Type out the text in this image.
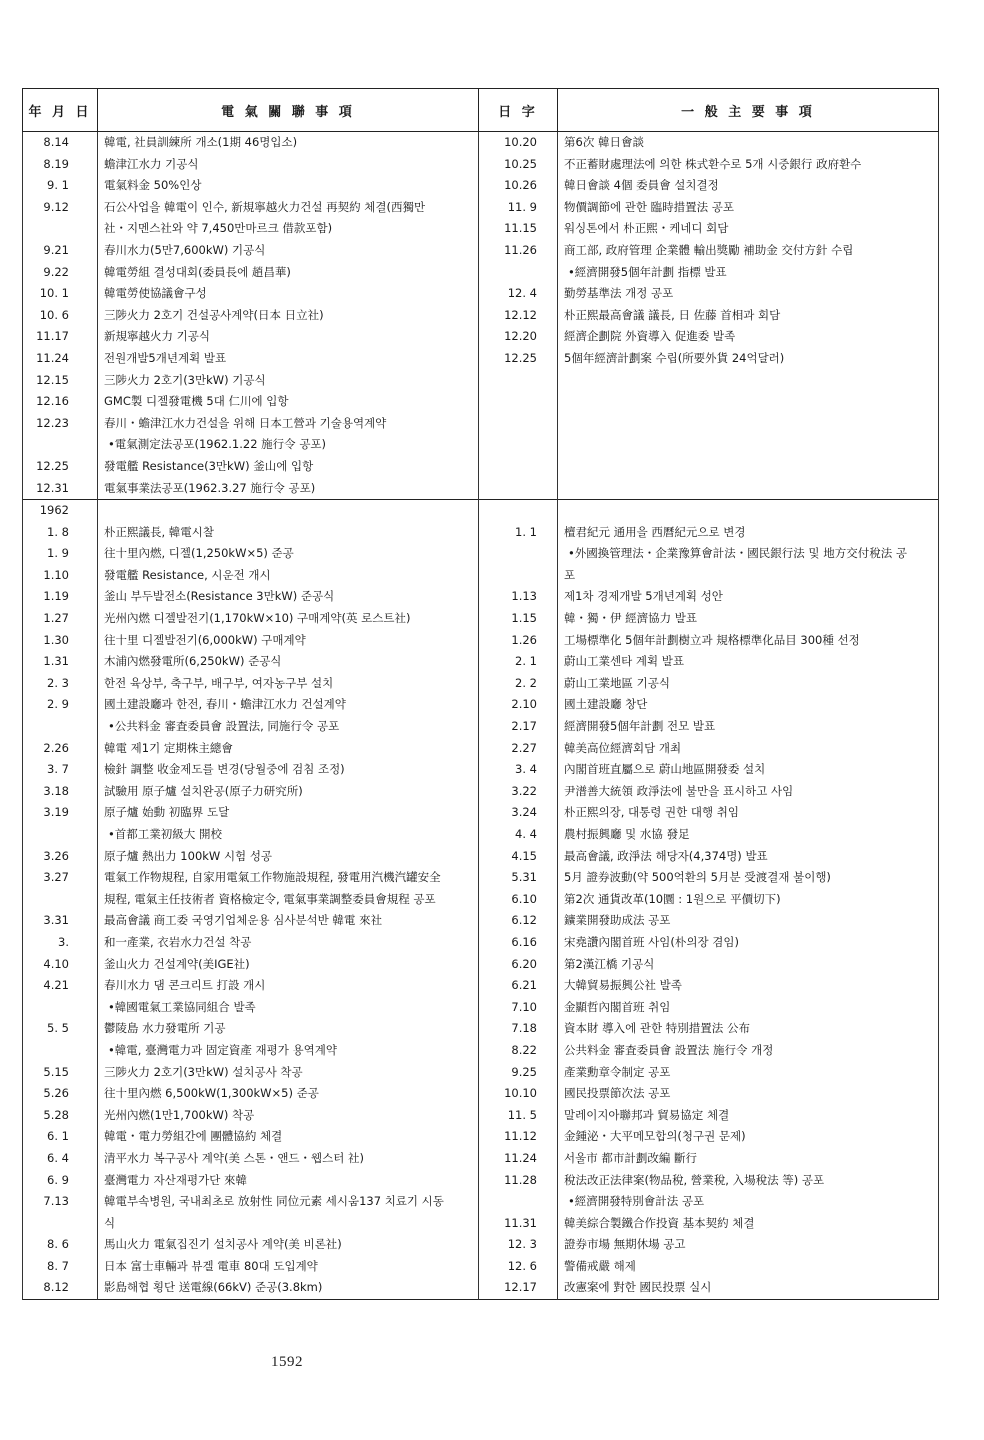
年 月 日	電 氣 關 聯 事 項	日 字	一 般 主 要 事 項
8.14	韓電, 社員訓練所 개소(1期 46명입소)	10.20	第6次 韓日會談
8.19	蟾津江水力 기공식	10.25	不正蓄財處理法에 의한 株式환수로 5개 시중銀行 政府환수
9. 1	電氣料金 50%인상	10.26	韓日會談 4個 委員會 설치결정
9.12	石公사업을 韓電이 인수, 新規寧越火力건설 再契約 체결(西獨만	11. 9	物價調節에 관한 臨時措置法 공포
	社・지멘스社와 약 7,450만마르크 借款포함)	11.15	워싱톤에서 朴正熙・케네디 회담
9.21	春川水力(5만7,600kW) 기공식	11.26	商工部, 政府管理 企業體 輸出獎勵 補助金 交付方針 수립
9.22	韓電勞組 결성대회(委員長에 趙昌華)		•經濟開發5個年計劃 指標 발표
10. 1	韓電勞使協議會구성	12. 4	勤勞基準法 개정 공포
10. 6	三陟火力 2호기 건설공사계약(日本 日立社)	12.12	朴正熙最高會議 議長, 日 佐藤 首相과 회담
11.17	新規寧越火力 기공식	12.20	經濟企劃院 外資導入 促進委 발족
11.24	전원개발5개년계획 발표	12.25	5個年經濟計劃案 수립(所要外貨 24억달러)
12.15	三陟火力 2호기(3만kW) 기공식		
12.16	GMC製 디젤發電機 5대 仁川에 입항		
12.23	春川・蟾津江水力건설을 위해 日本工營과 기술용역계약		
	•電氣測定法공포(1962.1.22 施行令 공포)		
12.25	發電艦 Resistance(3만kW) 釜山에 입항		
12.31	電氣事業法공포(1962.3.27 施行令 공포)		
1962			
1. 8	朴正熙議長, 韓電시찰	1. 1	檀君紀元 通用을 西曆紀元으로 변경
1. 9	往十里內燃, 디젤(1,250kW×5) 준공		•外國換管理法・企業豫算會計法・國民銀行法 및 地方交付稅法 공
1.10	發電艦 Resistance, 시운전 개시		포
1.19	釜山 부두발전소(Resistance 3만kW) 준공식	1.13	제1차 경제개발 5개년계획 성안
1.27	光州內燃 디젤발전기(1,170kW×10) 구매계약(英 로스트社)	1.15	韓・獨・伊 經濟協力 발표
1.30	往十里 디젤발전기(6,000kW) 구매계약	1.26	工場標準化 5個年計劃樹立과 規格標準化品目 300種 선정
1.31	木浦內燃發電所(6,250kW) 준공식	2. 1	蔚山工業센타 계획 발표
2. 3	한전 육상부, 축구부, 배구부, 여자농구부 설치	2. 2	蔚山工業地區 기공식
2. 9	國土建設廳과 한전, 春川・蟾津江水力 건설계약	2.10	國土建設廳 창단
	•公共料金 審査委員會 設置法, 同施行令 공포	2.17	經濟開發5個年計劃 전모 발표
2.26	韓電 제1기 定期株主總會	2.27	韓美高位經濟회담 개최
3. 7	檢針 調整 收金제도를 변경(당월중에 검침 조정)	3. 4	內閣首班直屬으로 蔚山地區開發委 설치
3.18	試驗用 原子爐 설치완공(原子力研究所)	3.22	尹潽善大統領 政淨法에 불만을 표시하고 사임
3.19	原子爐 始動 初臨界 도달	3.24	朴正熙의장, 대통령 권한 대행 취임
	•首都工業初級大 開校	4. 4	農村振興廳 및 水協 發足
3.26	原子爐 熱出力 100kW 시험 성공	4.15	最高會議, 政淨法 해당자(4,374명) 발표
3.27	電氣工作物規程, 自家用電氣工作物施設規程, 發電用汽機汽罐安全	5.31	5月 證券波動(약 500억환의 5月분 受渡결재 불이행)
	規程, 電氣主任技術者 資格檢定令, 電氣事業調整委員會規程 공포	6.10	第2次 通貨改革(10圜 : 1원으로 平價切下)
3.31	最高會議 商工委 국영기업체운용 심사분석반 韓電 來社	6.12	鑛業開發助成法 공포
3.	和一產業, 衣岩水力건설 착공	6.16	宋堯讚內閣首班 사임(朴의장 겸임)
4.10	釜山火力 건설계약(美IGE社)	6.20	第2漢江橋 기공식
4.21	春川水力 댐 콘크리트 打設 개시	6.21	大韓貿易振興公社 발족
	•韓國電氣工業協同組合 발족	7.10	金顯哲內閣首班 취임
5. 5	鬱陵島 水力發電所 기공	7.18	資本財 導入에 관한 特別措置法 公布
	•韓電, 臺灣電力과 固定資產 재평가 용역계약	8.22	公共料金 審査委員會 設置法 施行令 개정
5.15	三陟火力 2호기(3만kW) 설치공사 착공	9.25	產業勳章令制定 공포
5.26	往十里內燃 6,500kW(1,300kW×5) 준공	10.10	國民投票節次法 공포
5.28	光州內燃(1만1,700kW) 착공	11. 5	말레이지아聯邦과 貿易協定 체결
6. 1	韓電・電力勞組간에 團體協約 체결	11.12	金鍾泌・大平메모합의(청구권 문제)
6. 4	清平水力 복구공사 계약(美 스톤・앤드・웹스터 社)	11.24	서울市 都市計劃改編 斷行
6. 9	臺灣電力 자산재평가단 來韓	11.28	稅法改正法律案(物品稅, 營業稅, 入場稅法 等) 공포
7.13	韓電부속병원, 국내최초로 放射性 同位元素 세시움137 치료기 시동		•經濟開發特別會計法 공포
	식	11.31	韓美綜合製鐵合作投資 基本契約 체결
8. 6	馬山火力 電氣집진기 설치공사 계약(美 비론社)	12. 3	證券市場 無期休場 공고
8. 7	日本 富士車輛과 뷰겔 電車 80대 도입계약	12. 6	警備戒嚴 해제
8.12	影島해협 횡단 送電線(66kV) 준공(3.8km)	12.17	改憲案에 對한 國民投票 실시
1592
